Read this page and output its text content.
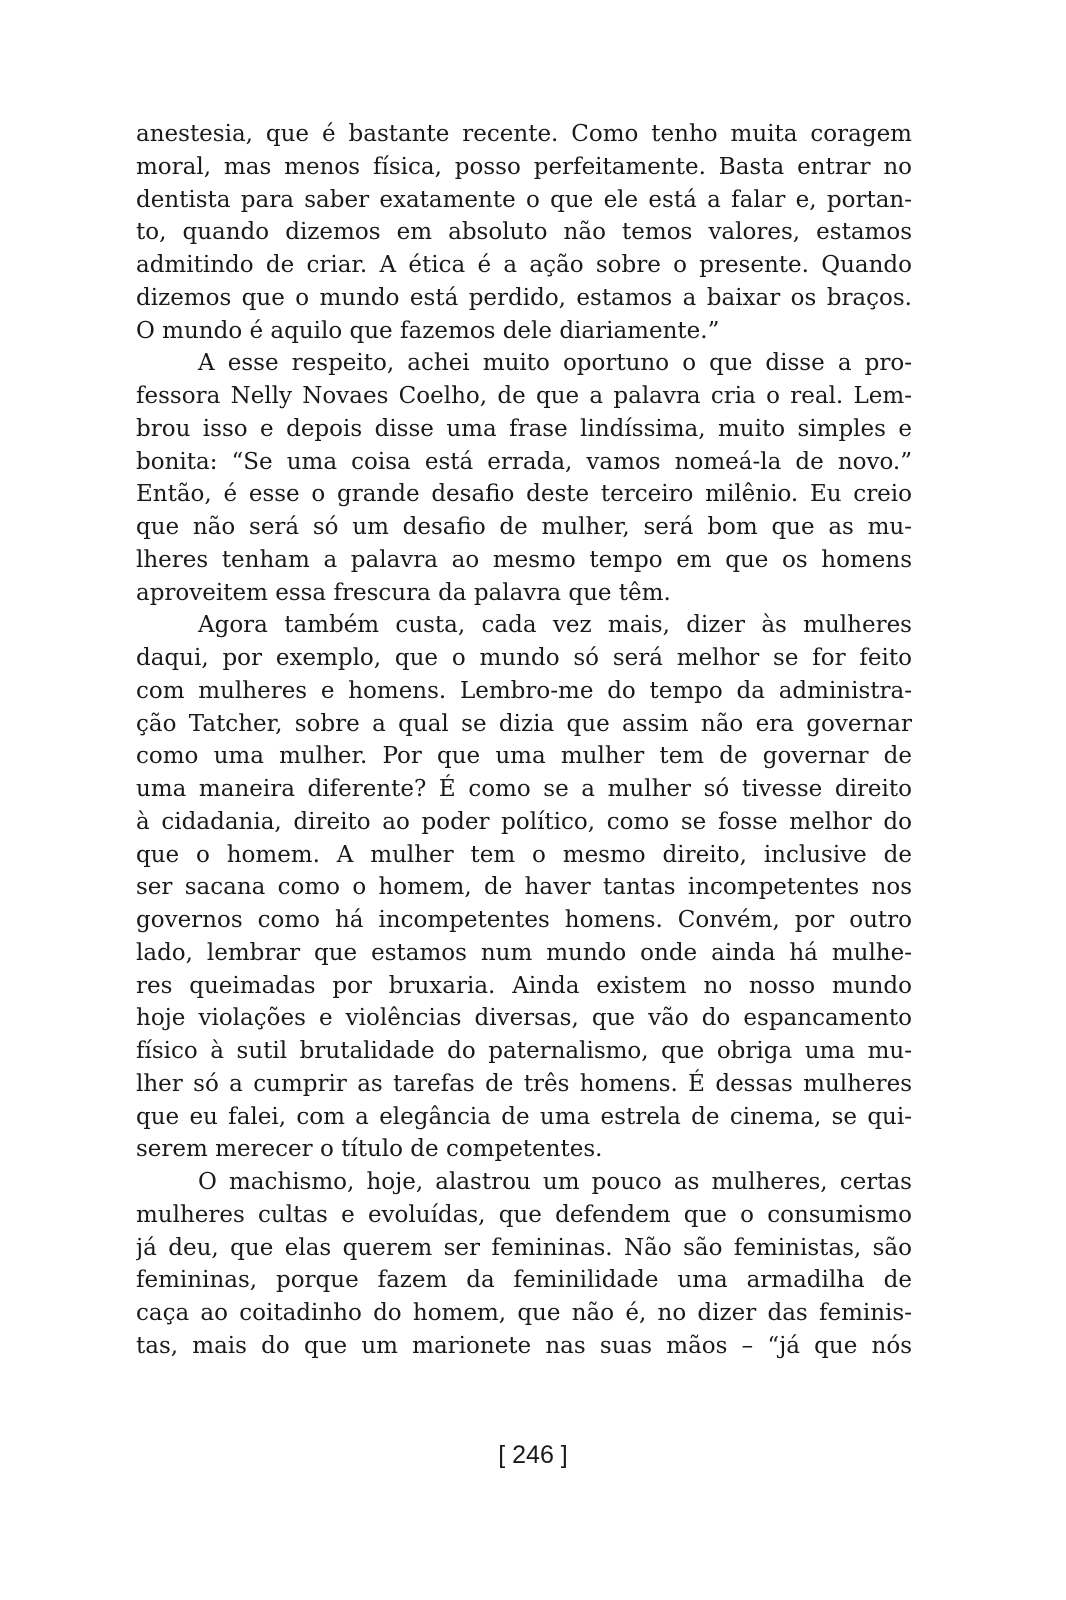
anestesia, que é bastante recente. Como tenho muita coragem
moral, mas menos física, posso perfeitamente. Basta entrar no
dentista para saber exatamente o que ele está a falar e, portan-
to, quando dizemos em absoluto não temos valores, estamos
admitindo de criar. A ética é a ação sobre o presente. Quando
dizemos que o mundo está perdido, estamos a baixar os braços.
O mundo é aquilo que fazemos dele diariamente.”

A esse respeito, achei muito oportuno o que disse a pro-
fessora Nelly Novaes Coelho, de que a palavra cria o real. Lem-
brou isso e depois disse uma frase lindíssima, muito simples e
bonita: “Se uma coisa está errada, vamos nomeá-la de novo.”
Então, é esse o grande desafio deste terceiro milênio. Eu creio
que não será só um desafio de mulher, será bom que as mu-
lheres tenham a palavra ao mesmo tempo em que os homens
aproveitem essa frescura da palavra que têm.

Agora também custa, cada vez mais, dizer às mulheres
daqui, por exemplo, que o mundo só será melhor se for feito
com mulheres e homens. Lembro-me do tempo da administra-
ção Tatcher, sobre a qual se dizia que assim não era governar
como uma mulher. Por que uma mulher tem de governar de
uma maneira diferente? É como se a mulher só tivesse direito
à cidadania, direito ao poder político, como se fosse melhor do
que o homem. A mulher tem o mesmo direito, inclusive de
ser sacana como o homem, de haver tantas incompetentes nos
governos como há incompetentes homens. Convém, por outro
lado, lembrar que estamos num mundo onde ainda há mulhe-
res queimadas por bruxaria. Ainda existem no nosso mundo
hoje violações e violências diversas, que vão do espancamento
físico à sutil brutalidade do paternalismo, que obriga uma mu-
lher só a cumprir as tarefas de três homens. É dessas mulheres
que eu falei, com a elegância de uma estrela de cinema, se qui-
serem merecer o título de competentes.

O machismo, hoje, alastrou um pouco as mulheres, certas
mulheres cultas e evoluídas, que defendem que o consumismo
já deu, que elas querem ser femininas. Não são feministas, são
femininas, porque fazem da feminilidade uma armadilha de
caça ao coitadinho do homem, que não é, no dizer das feminis-
tas, mais do que um marionete nas suas mãos – “já que nós

[ 246 ]
